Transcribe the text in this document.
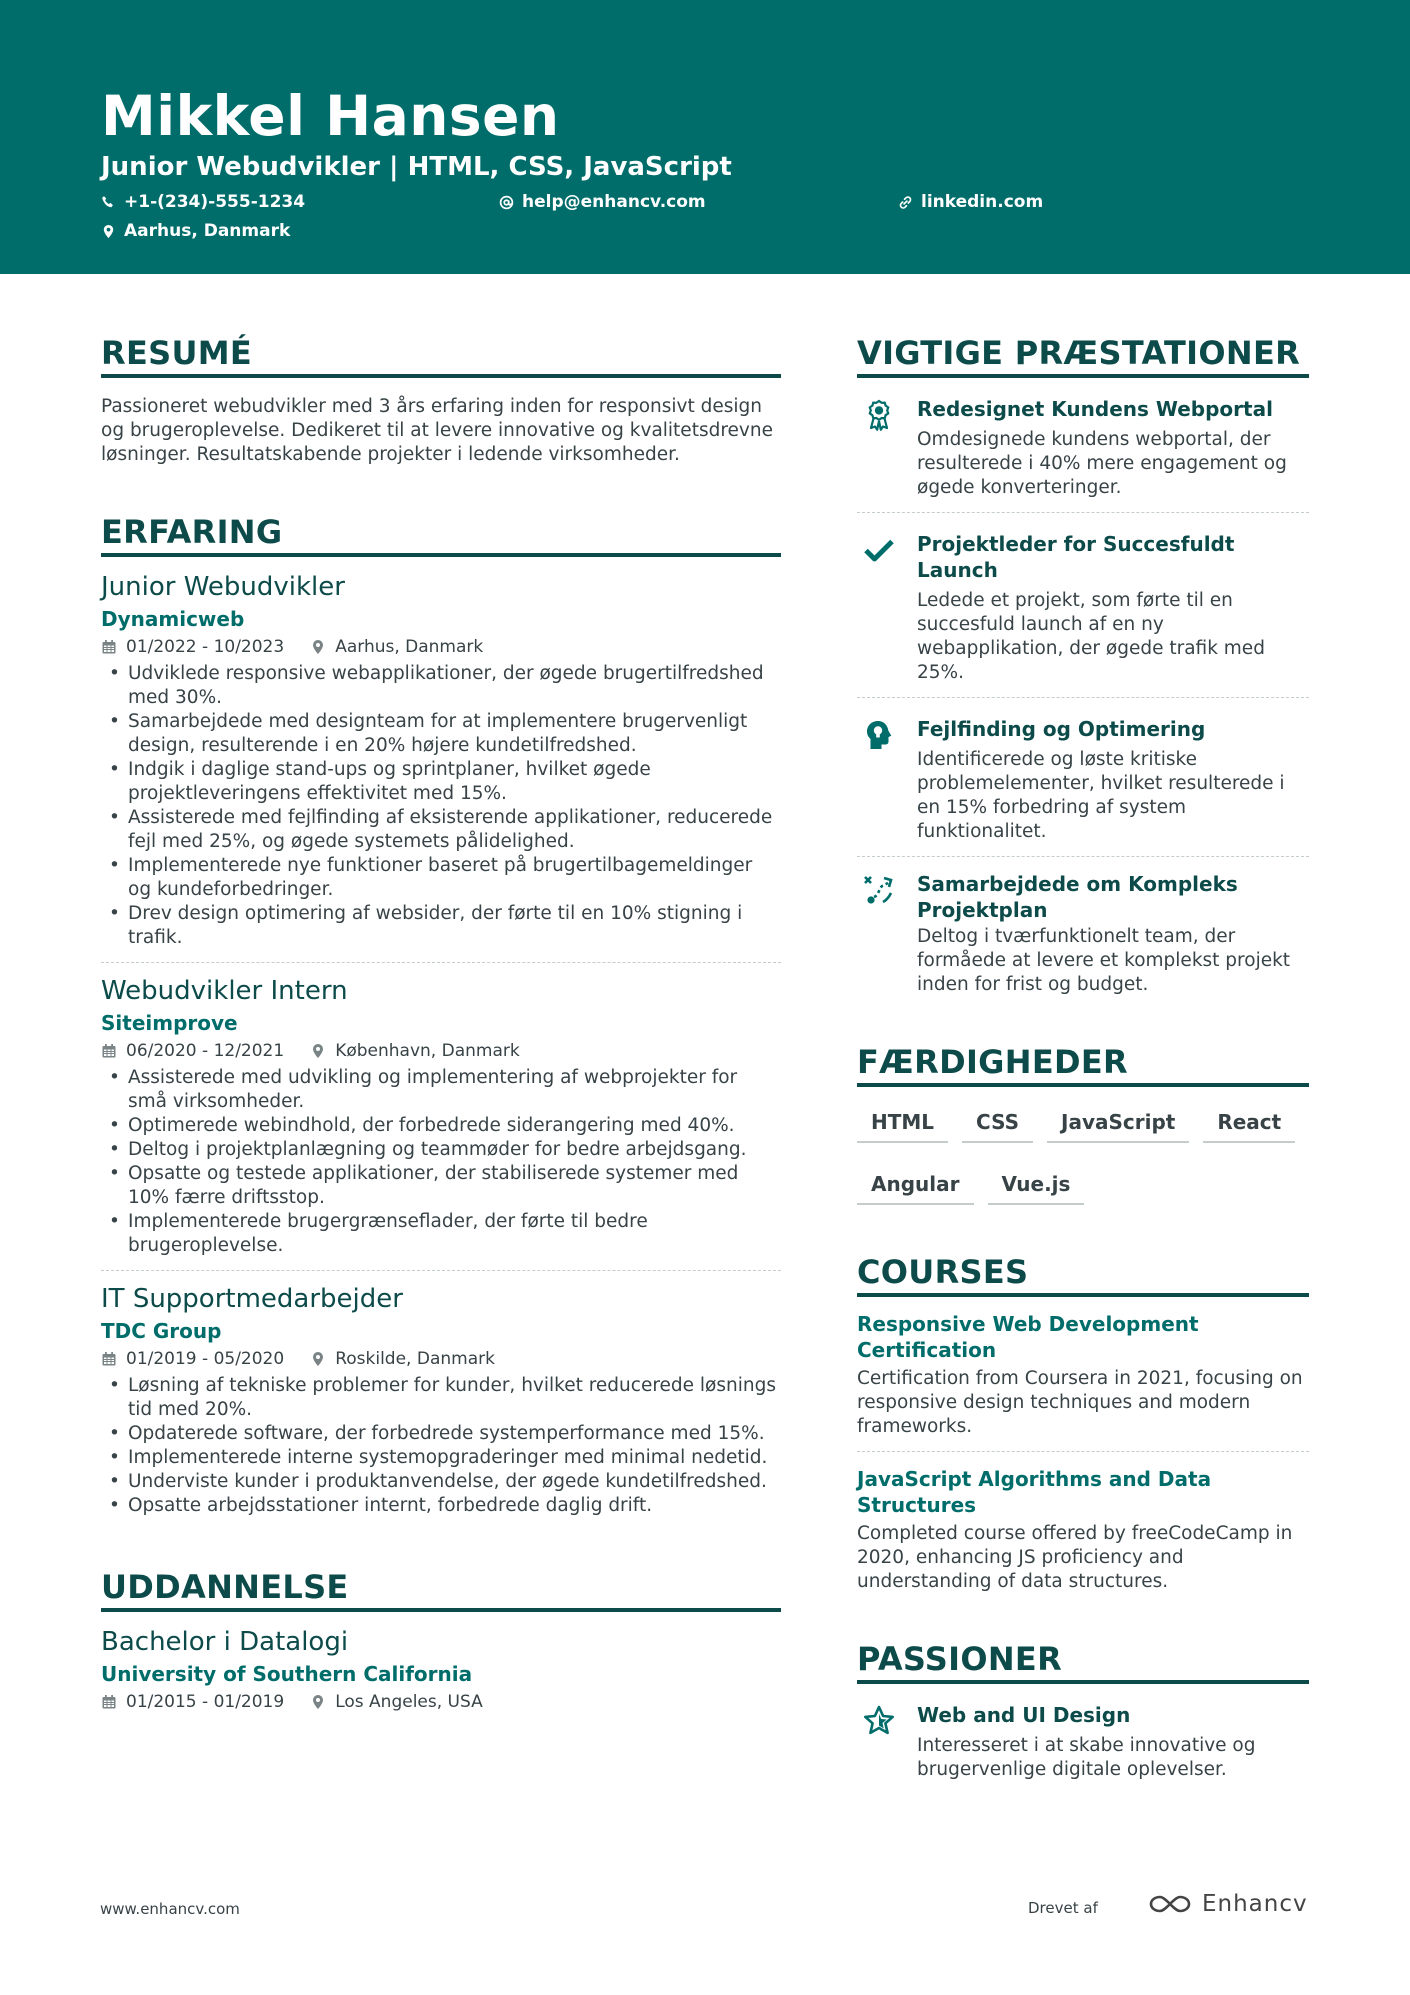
Mikkel Hansen
Junior Webudvikler | HTML, CSS, JavaScript
+1-(234)-555-1234	help@enhancv.com	linkedin.com
Aarhus, Danmark
RESUMÉ
Passioneret webudvikler med 3 års erfaring inden for responsivt design og brugeroplevelse. Dedikeret til at levere innovative og kvalitetsdrevne løsninger. Resultatskabende projekter i ledende virksomheder.
ERFARING
Junior Webudvikler
Dynamicweb
01/2022 - 10/2023	Aarhus, Danmark
• Udviklede responsive webapplikationer, der øgede brugertilfredshed med 30%.
• Samarbejdede med designteam for at implementere brugervenligt design, resulterende i en 20% højere kundetilfredshed.
• Indgik i daglige stand-ups og sprintplaner, hvilket øgede projektleveringens effektivitet med 15%.
• Assisterede med fejlfinding af eksisterende applikationer, reducerede fejl med 25%, og øgede systemets pålidelighed.
• Implementerede nye funktioner baseret på brugertilbagemeldinger og kundeforbedringer.
• Drev design optimering af websider, der førte til en 10% stigning i trafik.
Webudvikler Intern
Siteimprove
06/2020 - 12/2021	København, Danmark
• Assisterede med udvikling og implementering af webprojekter for små virksomheder.
• Optimerede webindhold, der forbedrede siderangering med 40%.
• Deltog i projektplanlægning og teammøder for bedre arbejdsgang.
• Opsatte og testede applikationer, der stabiliserede systemer med 10% færre driftsstop.
• Implementerede brugergrænseflader, der førte til bedre brugeroplevelse.
IT Supportmedarbejder
TDC Group
01/2019 - 05/2020	Roskilde, Danmark
• Løsning af tekniske problemer for kunder, hvilket reducerede løsnings tid med 20%.
• Opdaterede software, der forbedrede systemperformance med 15%.
• Implementerede interne systemopgraderinger med minimal nedetid.
• Underviste kunder i produktanvendelse, der øgede kundetilfredshed.
• Opsatte arbejdsstationer internt, forbedrede daglig drift.
UDDANNELSE
Bachelor i Datalogi
University of Southern California
01/2015 - 01/2019	Los Angeles, USA
VIGTIGE PRÆSTATIONER
Redesignet Kundens Webportal
Omdesignede kundens webportal, der resulterede i 40% mere engagement og øgede konverteringer.
Projektleder for Succesfuldt Launch
Ledede et projekt, som førte til en succesfuld launch af en ny webapplikation, der øgede trafik med 25%.
Fejlfinding og Optimering
Identificerede og løste kritiske problemelementer, hvilket resulterede i en 15% forbedring af system funktionalitet.
Samarbejdede om Kompleks Projektplan
Deltog i tværfunktionelt team, der formåede at levere et komplekst projekt inden for frist og budget.
FÆRDIGHEDER
HTML	CSS	JavaScript	React
Angular	Vue.js
COURSES
Responsive Web Development Certification
Certification from Coursera in 2021, focusing on responsive design techniques and modern frameworks.
JavaScript Algorithms and Data Structures
Completed course offered by freeCodeCamp in 2020, enhancing JS proficiency and understanding of data structures.
PASSIONER
Web and UI Design
Interesseret i at skabe innovative og brugervenlige digitale oplevelser.
www.enhancv.com	Drevet af	Enhancv
